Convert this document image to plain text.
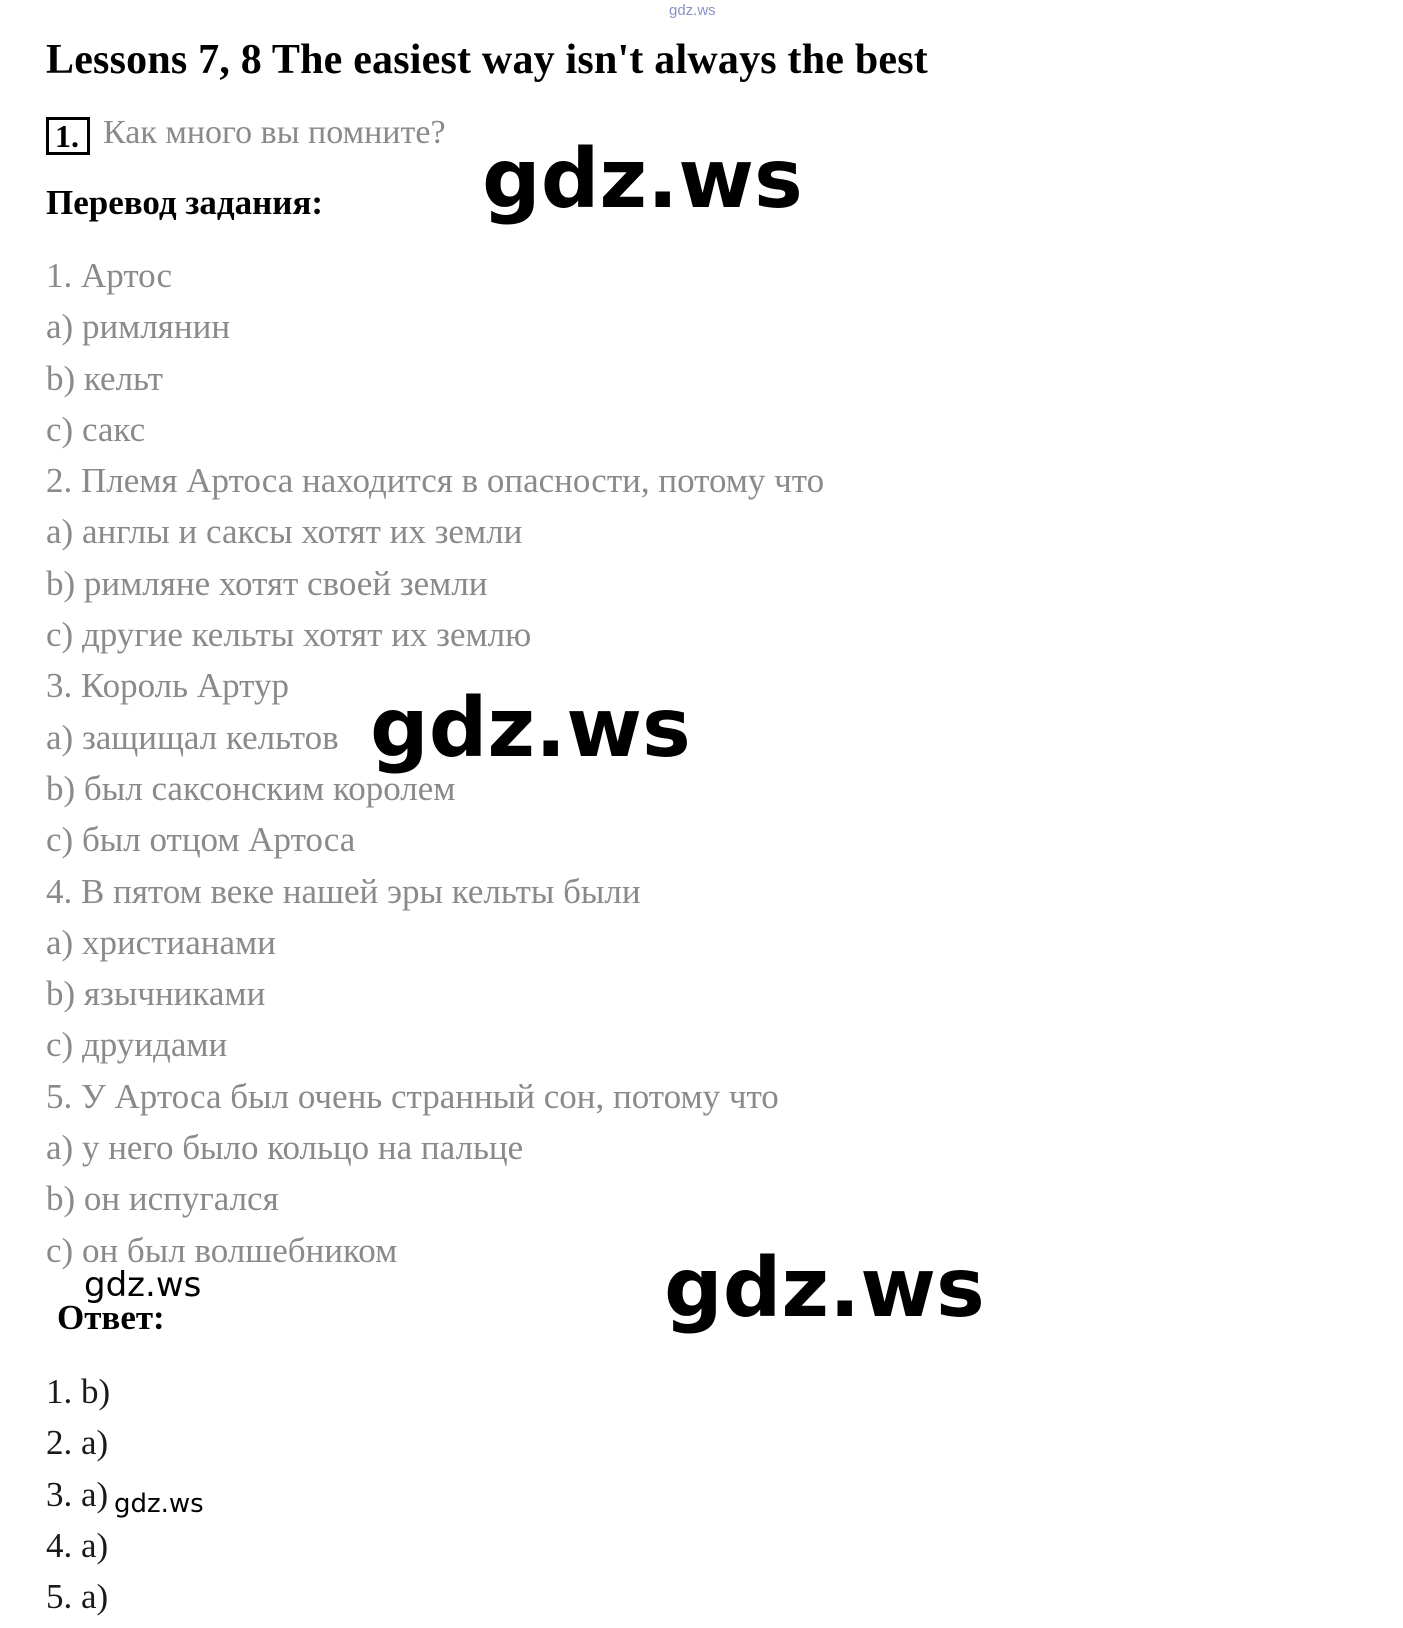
gdz.ws
Lessons 7, 8 The easiest way isn't always the best
1. Как много вы помните?
Перевод задания:
1. Артос
a) римлянин
b) кельт
c) сакс
2. Племя Артоса находится в опасности, потому что
a) англы и саксы хотят их земли
b) римляне хотят своей земли
c) другие кельты хотят их землю
3. Король Артур
a) защищал кельтов
b) был саксонским королем
c) был отцом Артоса
4. В пятом веке нашей эры кельты были
a) христианами
b) язычниками
c) друидами
5. У Артоса был очень странный сон, потому что
a) у него было кольцо на пальце
b) он испугался
c) он был волшебником
Ответ:
1. b)
2. a)
3. a)
4. a)
5. a)
gdz.ws
gdz.ws
gdz.ws
gdz.ws
gdz.ws
